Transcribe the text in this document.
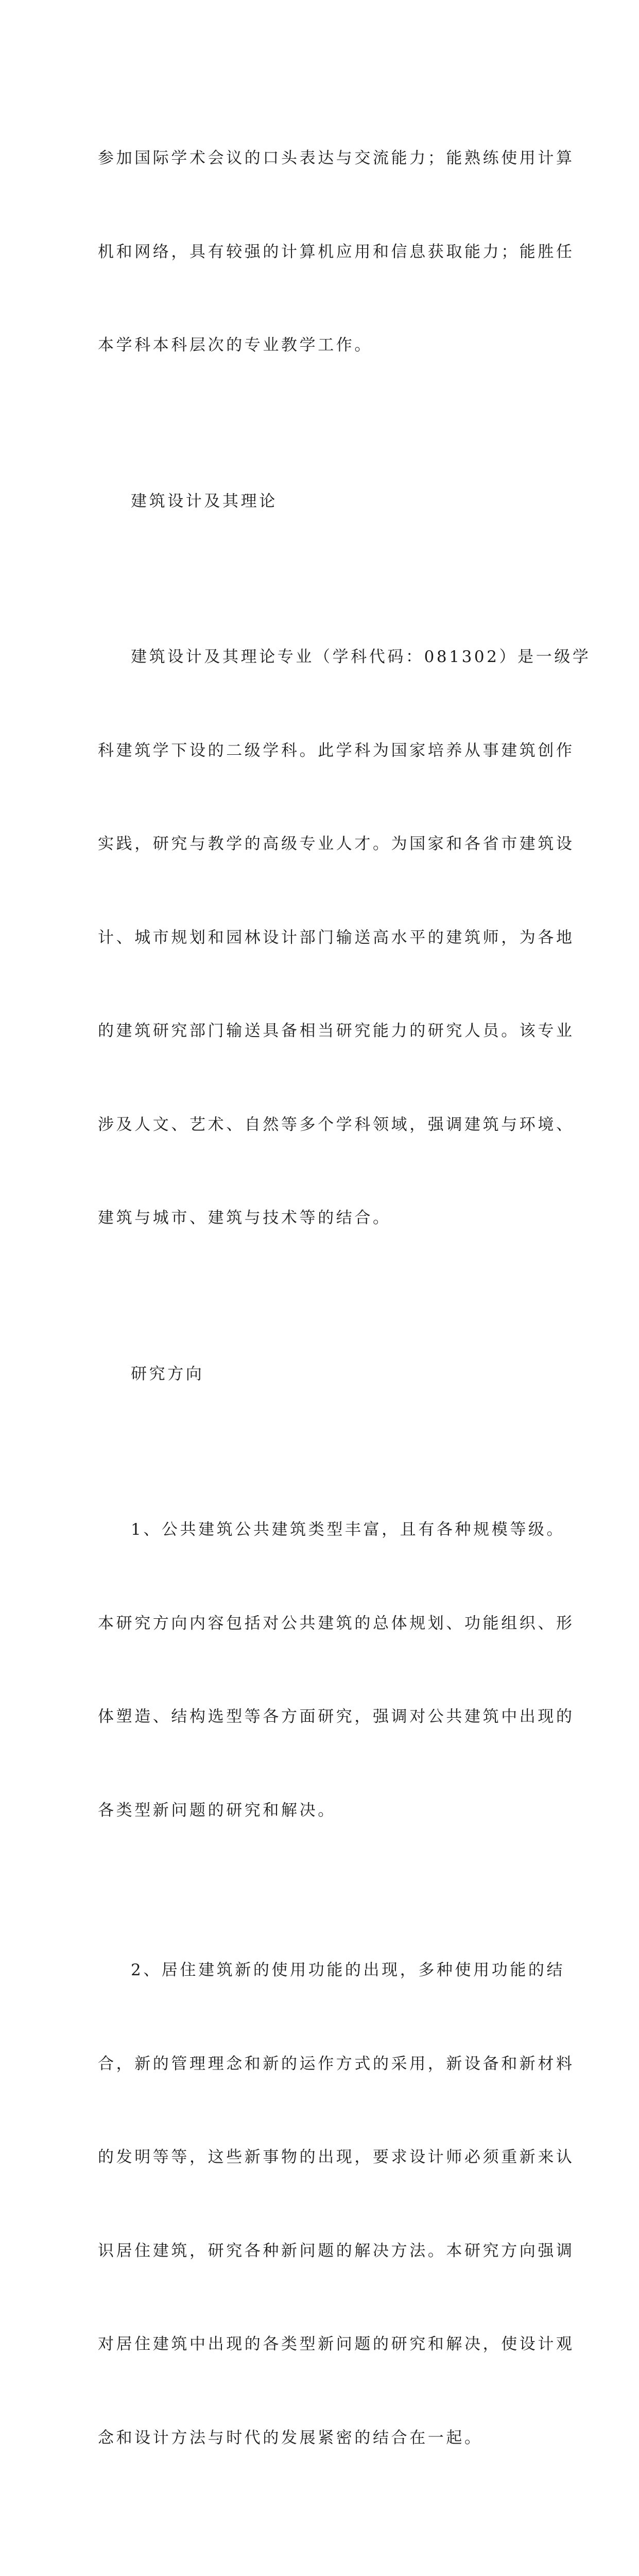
参加国际学术会议的口头表达与交流能力；能熟练使用计算

机和网络，具有较强的计算机应用和信息获取能力；能胜任

本学科本科层次的专业教学工作。

建筑设计及其理论

建筑设计及其理论专业（学科代码：081302）是一级学

科建筑学下设的二级学科。此学科为国家培养从事建筑创作

实践，研究与教学的高级专业人才。为国家和各省市建筑设

计、城市规划和园林设计部门输送高水平的建筑师，为各地

的建筑研究部门输送具备相当研究能力的研究人员。该专业

涉及人文、艺术、自然等多个学科领域，强调建筑与环境、

建筑与城市、建筑与技术等的结合。

研究方向

1、公共建筑公共建筑类型丰富，且有各种规模等级。

本研究方向内容包括对公共建筑的总体规划、功能组织、形

体塑造、结构选型等各方面研究，强调对公共建筑中出现的

各类型新问题的研究和解决。

2、居住建筑新的使用功能的出现，多种使用功能的结

合，新的管理理念和新的运作方式的采用，新设备和新材料

的发明等等，这些新事物的出现，要求设计师必须重新来认

识居住建筑，研究各种新问题的解决方法。本研究方向强调

对居住建筑中出现的各类型新问题的研究和解决，使设计观

念和设计方法与时代的发展紧密的结合在一起。
